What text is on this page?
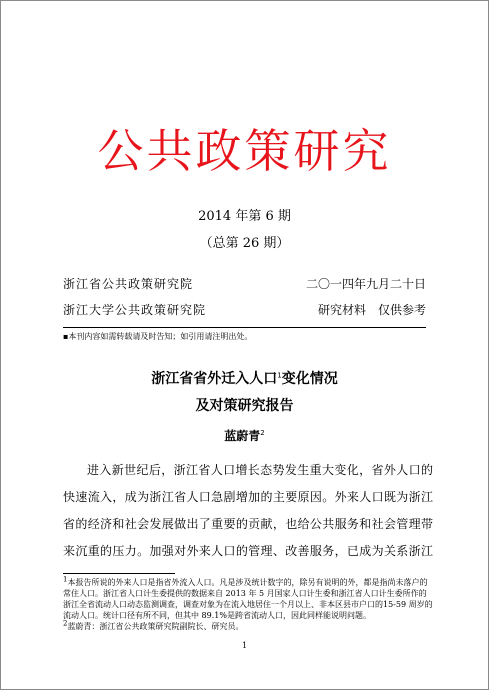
公共政策研究
2014 年第 6 期
（总第 26 期）
浙江省公共政策研究院	二〇一四年九月二十日
浙江大学公共政策研究院	研究材料　仅供参考
▪本刊内容如需转载请及时告知；如引用请注明出处。
浙江省省外迁入人口$^1$变化情况
及对策研究报告
蓝蔚青$^2$

进入新世纪后，浙江省人口增长态势发生重大变化，省外人口的快速流入，成为浙江省人口急剧增加的主要原因。外来人口既为浙江省的经济和社会发展做出了重要的贡献，也给公共服务和社会管理带来沉重的压力。加强对外来人口的管理、改善服务，已成为关系浙江

$^1$本报告所说的外来人口是指省外流入人口。凡是涉及统计数字的，除另有说明的外，都是指尚未落户的常住人口。浙江省人口计生委提供的数据来自 2013 年 5 月国家人口计生委和浙江省人口计生委所作的浙江全省流动人口动态监测调查，调查对象为在流入地居住一个月以上、非本区县市户口的15-59 周岁的流动人口。统计口径有所不同，但其中 89.1%是跨省流动人口，因此同样能说明问题。

$^2$蓝蔚青：浙江省公共政策研究院副院长、研究员。

1
